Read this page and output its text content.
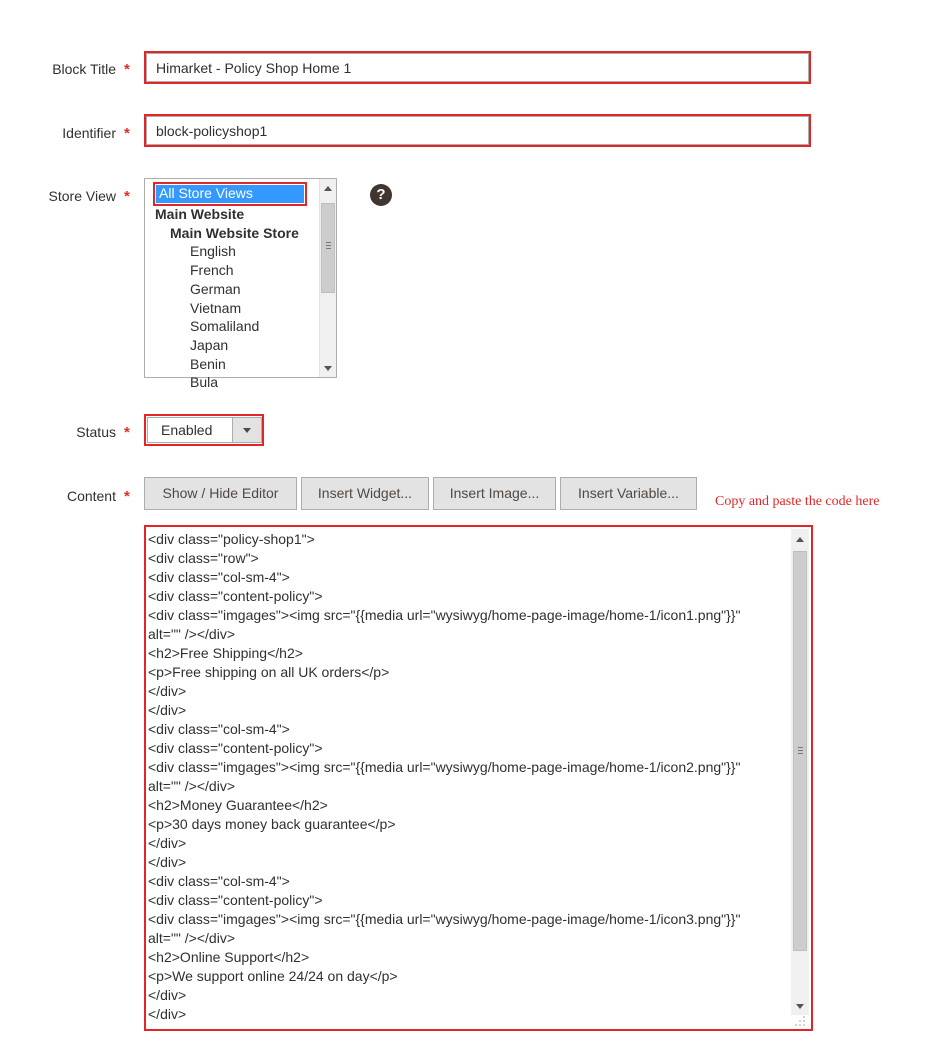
Block Title *
Himarket - Policy Shop Home 1
Identifier *
block-policyshop1
Store View * All Store Views
Main Website
Main Website Store
English
French
German
Vietnam
Somaliland
Japan
Benin
Bula
?
Status *	Enabled
Content *	Show / Hide Editor	Insert Widget...	Insert Image...	Insert Variable...
Copy and paste the code here
<div class="policy-shop1">
<div class="row">
<div class="col-sm-4">
<div class="content-policy">
<div class="imgages"><img src="{{media url="wysiwyg/home-page-image/home-1/icon1.png"}}"
alt="" /></div>
<h2>Free Shipping</h2>
<p>Free shipping on all UK orders</p>
</div>
</div>
<div class="col-sm-4">
<div class="content-policy">
<div class="imgages"><img src="{{media url="wysiwyg/home-page-image/home-1/icon2.png"}}"
alt="" /></div>
<h2>Money Guarantee</h2>
<p>30 days money back guarantee</p>
</div>
</div>
<div class="col-sm-4">
<div class="content-policy">
<div class="imgages"><img src="{{media url="wysiwyg/home-page-image/home-1/icon3.png"}}"
alt="" /></div>
<h2>Online Support</h2>
<p>We support online 24/24 on day</p>
</div>
</div>
